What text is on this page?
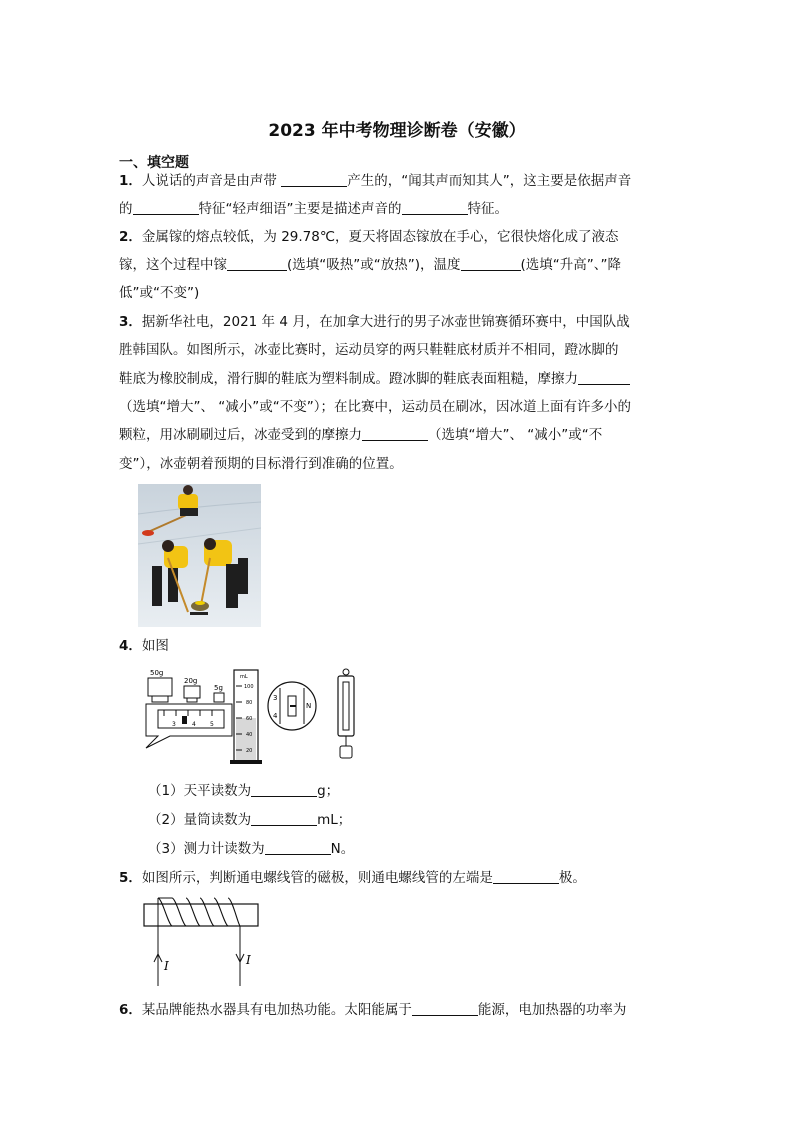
2023 年中考物理诊断卷（安徽）
一、填空题
1．人说话的声音是由声带	产生的，“闻其声而知其人”，这主要是依据声音
的	特征“轻声细语”主要是描述声音的	特征。
2．金属镓的熔点较低，为 29.78℃，夏天将固态镓放在手心，它很快熔化成了液态
镓，这个过程中镓	(选填“吸热”或“放热”)，温度	(选填“升高”、”降
低”或“不变”)
3．据新华社电，2021 年 4 月，在加拿大进行的男子冰壶世锦赛循环赛中，中国队战
胜韩国队。如图所示，冰壶比赛时，运动员穿的两只鞋鞋底材质并不相同，蹬冰脚的
鞋底为橡胶制成，滑行脚的鞋底为塑料制成。蹬冰脚的鞋底表面粗糙，摩擦力
（选填“增大”、 “减小”或“不变”）；在比赛中，运动员在刷冰，因冰道上面有许多小的
颗粒，用冰刷刷过后，冰壶受到的摩擦力	（选填“增大”、 “减小”或“不
变”），冰壶朝着预期的目标滑行到准确的位置。
4．如图
50g
20g
5g
3	4 5
mL
100
80
60
40
20
3
4
N
（1）天平读数为	g；
（2）量筒读数为	mL；
（3）测力计读数为	N。
5．如图所示，判断通电螺线管的磁极，则通电螺线管的左端是	极。
I	I
6．某品牌能热水器具有电加热功能。太阳能属于	能源，电加热器的功率为
